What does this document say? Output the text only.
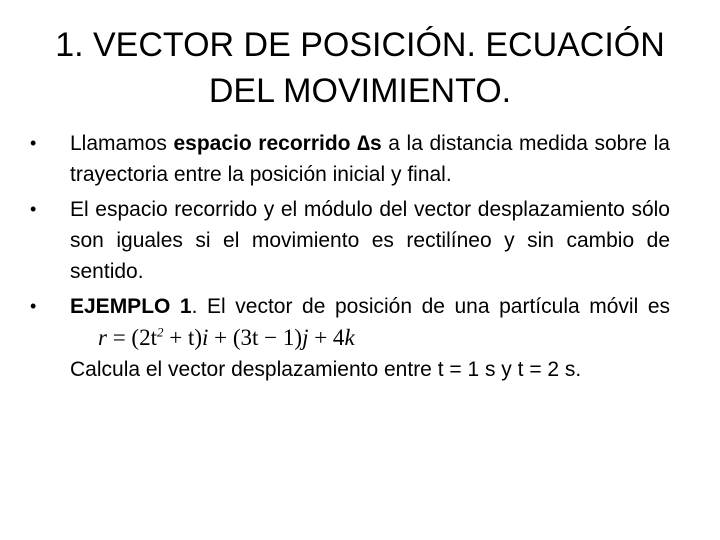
1. VECTOR DE POSICIÓN. ECUACIÓN
DEL MOVIMIENTO.
•	Llamamos espacio recorrido ∆s a la distancia medida sobre la trayectoria entre la posición inicial y final.
•	El espacio recorrido y el módulo del vector desplazamiento sólo son iguales si el movimiento es rectilíneo y sin cambio de sentido.
•	EJEMPLO 1. El vector de posición de una partícula móvil es $r = (2t^2 + t)i + (3t - 1)j + 4k$
Calcula el vector desplazamiento entre t = 1 s y t = 2 s.
